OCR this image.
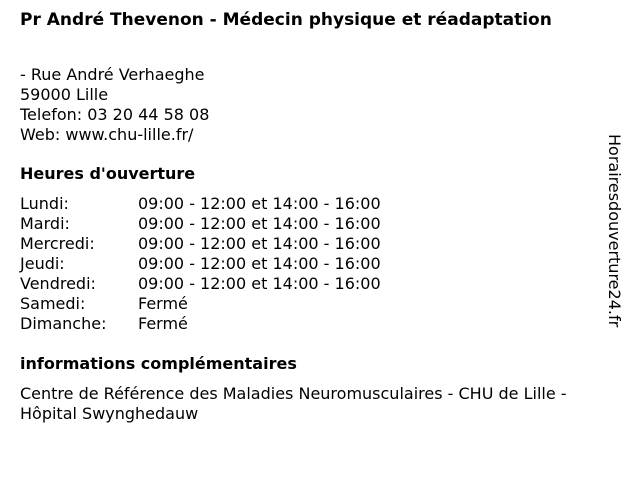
Pr André Thevenon - Médecin physique et réadaptation
- Rue André Verhaeghe
59000 Lille
Telefon: 03 20 44 58 08
Web: www.chu-lille.fr/
Heures d'ouverture
Lundi:	09:00 - 12:00 et 14:00 - 16:00
Mardi:	09:00 - 12:00 et 14:00 - 16:00
Mercredi:	09:00 - 12:00 et 14:00 - 16:00
Jeudi:	09:00 - 12:00 et 14:00 - 16:00
Vendredi:	09:00 - 12:00 et 14:00 - 16:00
Samedi:	Fermé
Dimanche:	Fermé
informations complémentaires
Centre de Référence des Maladies Neuromusculaires - CHU de Lille - Hôpital Swynghedauw
Horairesdouverture24.fr
